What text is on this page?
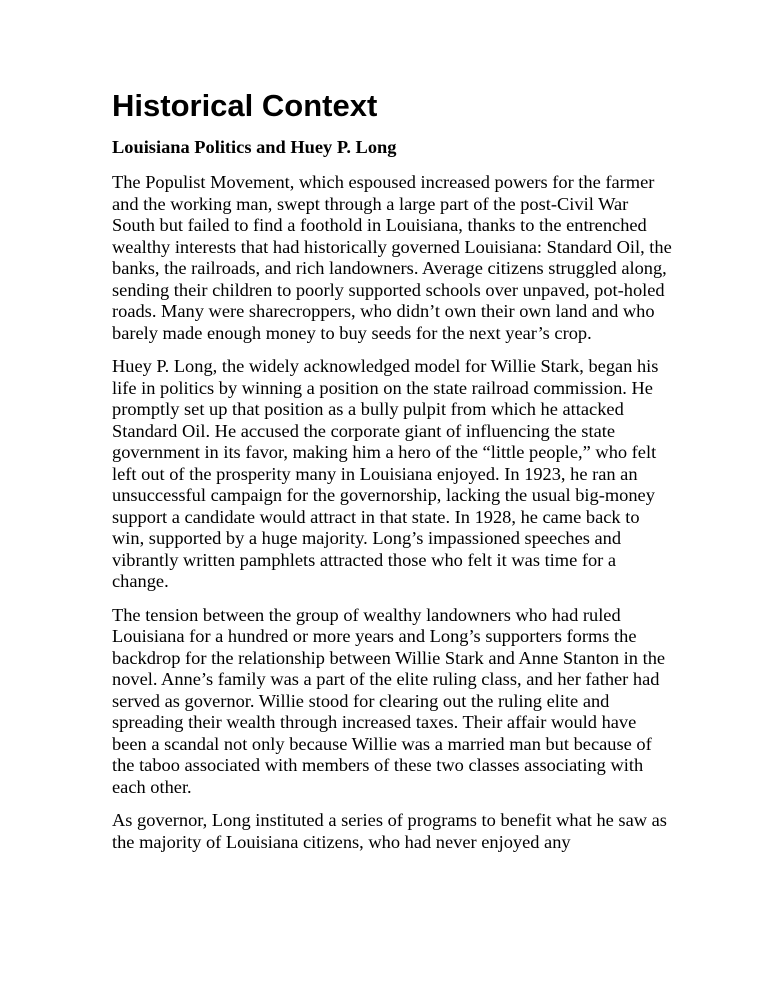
Historical Context
Louisiana Politics and Huey P. Long

The Populist Movement, which espoused increased powers for the farmer and the working man, swept through a large part of the post-Civil War South but failed to find a foothold in Louisiana, thanks to the entrenched wealthy interests that had historically governed Louisiana: Standard Oil, the banks, the railroads, and rich landowners. Average citizens struggled along, sending their children to poorly supported schools over unpaved, pot-holed roads. Many were sharecroppers, who didn’t own their own land and who barely made enough money to buy seeds for the next year’s crop.

Huey P. Long, the widely acknowledged model for Willie Stark, began his life in politics by winning a position on the state railroad commission. He promptly set up that position as a bully pulpit from which he attacked Standard Oil. He accused the corporate giant of influencing the state government in its favor, making him a hero of the “little people,” who felt left out of the prosperity many in Louisiana enjoyed. In 1923, he ran an unsuccessful campaign for the governorship, lacking the usual big-money support a candidate would attract in that state. In 1928, he came back to win, supported by a huge majority. Long’s impassioned speeches and vibrantly written pamphlets attracted those who felt it was time for a change.

The tension between the group of wealthy landowners who had ruled Louisiana for a hundred or more years and Long’s supporters forms the backdrop for the relationship between Willie Stark and Anne Stanton in the novel. Anne’s family was a part of the elite ruling class, and her father had served as governor. Willie stood for clearing out the ruling elite and spreading their wealth through increased taxes. Their affair would have been a scandal not only because Willie was a married man but because of the taboo associated with members of these two classes associating with each other.

As governor, Long instituted a series of programs to benefit what he saw as the majority of Louisiana citizens, who had never enjoyed any
